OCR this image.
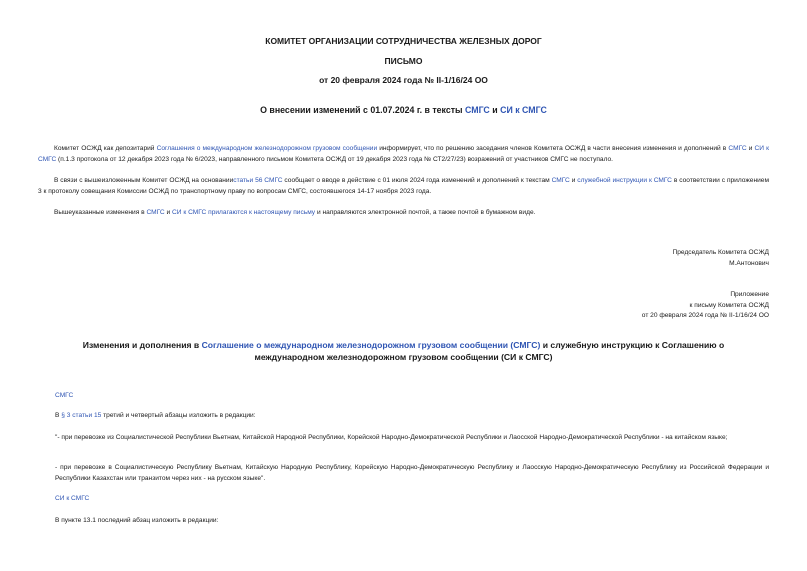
КОМИТЕТ ОРГАНИЗАЦИИ СОТРУДНИЧЕСТВА ЖЕЛЕЗНЫХ ДОРОГ
ПИСЬМО
от 20 февраля 2024 года № II-1/16/24 ОО
О внесении изменений с 01.07.2024 г. в тексты СМГС и СИ к СМГС
Комитет ОСЖД как депозитарий Соглашения о международном железнодорожном грузовом сообщении информирует, что по решению заседания членов Комитета ОСЖД в части внесения изменения и дополнений в СМГС и СИ к СМГС (п.1.3 протокола от 12 декабря 2023 года № 6/2023, направленного письмом Комитета ОСЖД от 19 декабря 2023 года № СТ2/27/23) возражений от участников СМГС не поступало.
В связи с вышеизложенным Комитет ОСЖД на основаниистатьи 56 СМГС сообщает о вводе в действие с 01 июля 2024 года изменений и дополнений к текстам СМГС и служебной инструкции к СМГС в соответствии с приложением 3 к протоколу совещания Комиссии ОСЖД по транспортному праву по вопросам СМГС, состоявшегося 14-17 ноября 2023 года.
Вышеуказанные изменения в СМГС и СИ к СМГС прилагаются к настоящему письму и направляются электронной почтой, а также почтой в бумажном виде.
Председатель Комитета ОСЖД
М.Антонович
Приложение
к письму Комитета ОСЖД
от 20 февраля 2024 года № II-1/16/24 ОО
Изменения и дополнения в Соглашение о международном железнодорожном грузовом сообщении (СМГС) и служебную инструкцию к Соглашению о международном железнодорожном грузовом сообщении (СИ к СМГС)
СМГС
В § 3 статьи 15 третий и четвертый абзацы изложить в редакции:
"- при перевозке из Социалистической Республики Вьетнам, Китайской Народной Республики, Корейской Народно-Демократической Республики и Лаосской Народно-Демократической Республики - на китайском языке;
- при перевозке в Социалистическую Республику Вьетнам, Китайскую Народную Республику, Корейскую Народно-Демократическую Республику и Лаосскую Народно-Демократическую Республику из Российской Федерации и Республики Казахстан или транзитом через них - на русском языке".
СИ к СМГС
В пункте 13.1 последний абзац изложить в редакции:
